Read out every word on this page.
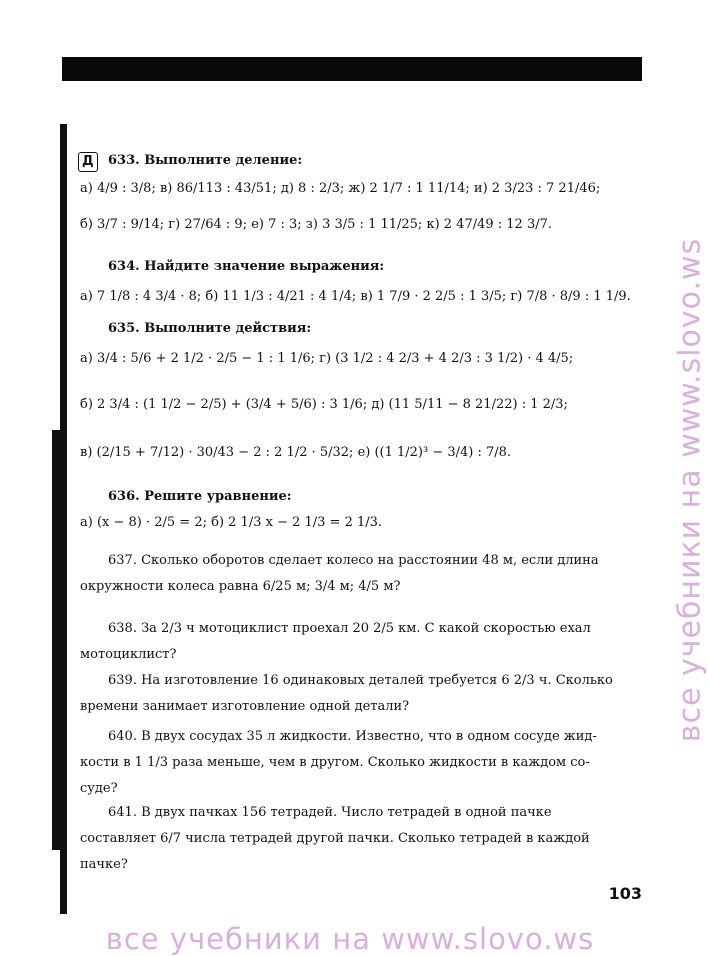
Д	633. Выполните деление:
а) 4/9 : 3/8; в) 86/113 : 43/51; д) 8 : 2/3; ж) 2 1/7 : 1 11/14; и) 2 3/23 : 7 21/46;
б) 3/7 : 9/14; г) 27/64 : 9; е) 7 : 3; з) 3 3/5 : 1 11/25; к) 2 47/49 : 12 3/7.
634. Найдите значение выражения:
а) 7 1/8 : 4 3/4 · 8; б) 11 1/3 : 4/21 : 4 1/4; в) 1 7/9 · 2 2/5 : 1 3/5; г) 7/8 · 8/9 : 1 1/9.
635. Выполните действия:
а) 3/4 : 5/6 + 2 1/2 · 2/5 − 1 : 1 1/6; г) (3 1/2 : 4 2/3 + 4 2/3 : 3 1/2) · 4 4/5;
б) 2 3/4 : (1 1/2 − 2/5) + (3/4 + 5/6) : 3 1/6; д) (11 5/11 − 8 21/22) : 1 2/3;
в) (2/15 + 7/12) · 30/43 − 2 : 2 1/2 · 5/32; е) ((1 1/2)³ − 3/4) : 7/8.
636. Решите уравнение:
а) (x − 8) · 2/5 = 2; б) 2 1/3 x − 2 1/3 = 2 1/3.
637. Сколько оборотов сделает колесо на расстоянии 48 м, если длина
окружности колеса равна 6/25 м; 3/4 м; 4/5 м?
638. За 2/3 ч мотоциклист проехал 20 2/5 км. С какой скоростью ехал
мотоциклист?
639. На изготовление 16 одинаковых деталей требуется 6 2/3 ч. Сколько
времени занимает изготовление одной детали?
640. В двух сосудах 35 л жидкости. Известно, что в одном сосуде жид-
кости в 1 1/3 раза меньше, чем в другом. Сколько жидкости в каждом со-
суде?
641. В двух пачках 156 тетрадей. Число тетрадей в одной пачке
составляет 6/7 числа тетрадей другой пачки. Сколько тетрадей в каждой
пачке?
103
все учебники на www.slovo.ws
все учебники на www.slovo.ws
